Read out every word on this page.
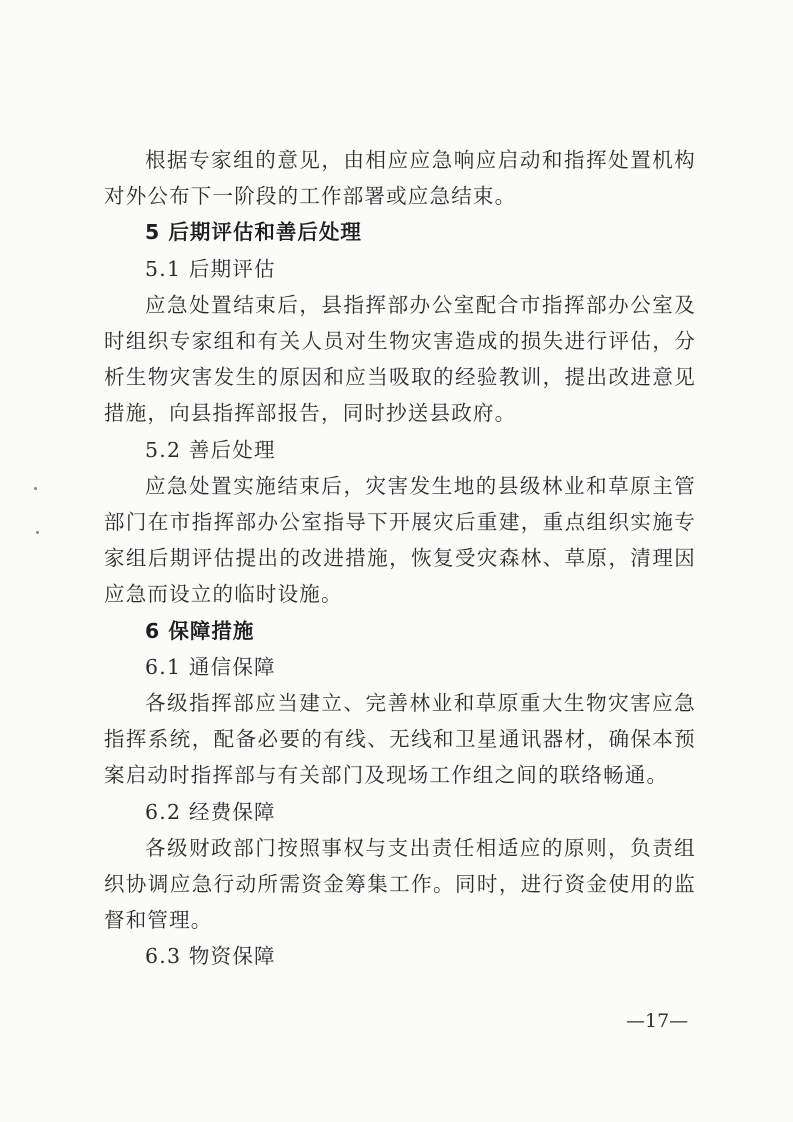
根据专家组的意见，由相应应急响应启动和指挥处置机构对外公布下一阶段的工作部署或应急结束。

5 后期评估和善后处理

5.1 后期评估

应急处置结束后，县指挥部办公室配合市指挥部办公室及时组织专家组和有关人员对生物灾害造成的损失进行评估，分析生物灾害发生的原因和应当吸取的经验教训，提出改进意见措施，向县指挥部报告，同时抄送县政府。

5.2 善后处理

应急处置实施结束后，灾害发生地的县级林业和草原主管部门在市指挥部办公室指导下开展灾后重建，重点组织实施专家组后期评估提出的改进措施，恢复受灾森林、草原，清理因应急而设立的临时设施。

6 保障措施

6.1 通信保障

各级指挥部应当建立、完善林业和草原重大生物灾害应急指挥系统，配备必要的有线、无线和卫星通讯器材，确保本预案启动时指挥部与有关部门及现场工作组之间的联络畅通。

6.2 经费保障

各级财政部门按照事权与支出责任相适应的原则，负责组织协调应急行动所需资金筹集工作。同时，进行资金使用的监督和管理。

6.3 物资保障

—17—
